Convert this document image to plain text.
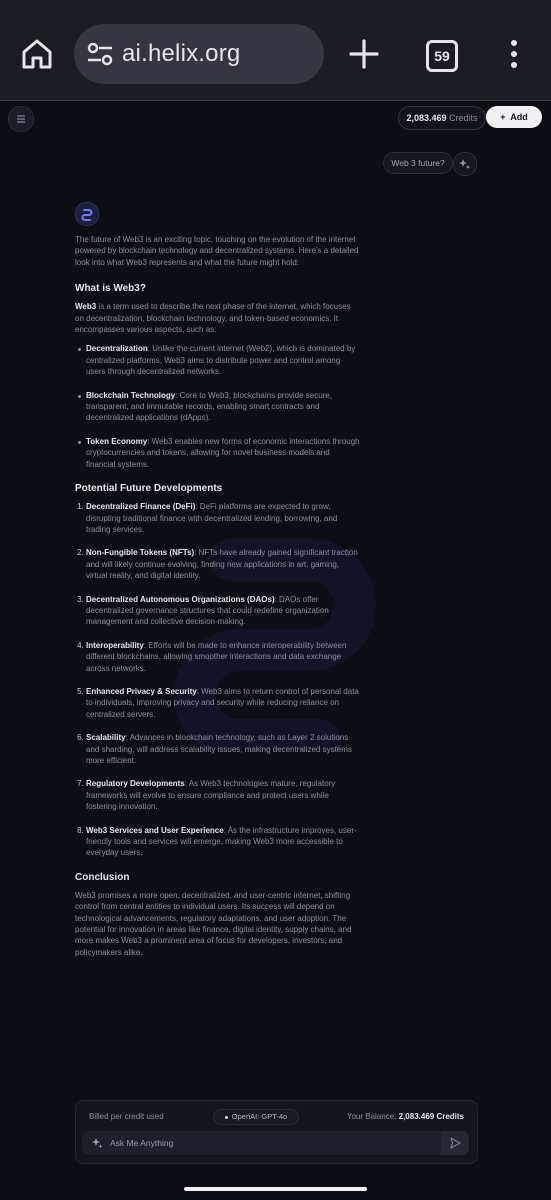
ai.helix.org	59
2,083.469 Credits	+ Add
Web 3 future?

The future of Web3 is an exciting topic, touching on the evolution of the internet powered by blockchain technology and decentralized systems. Here's a detailed look into what Web3 represents and what the future might hold:

What is Web3?

Web3 is a term used to describe the next phase of the internet, which focuses on decentralization, blockchain technology, and token-based economics. It encompasses various aspects, such as:

Decentralization: Unlike the current internet (Web2), which is dominated by centralized platforms, Web3 aims to distribute power and control among users through decentralized networks.
Blockchain Technology: Core to Web3, blockchains provide secure, transparent, and immutable records, enabling smart contracts and decentralized applications (dApps).
Token Economy: Web3 enables new forms of economic interactions through cryptocurrencies and tokens, allowing for novel business models and financial systems.
Potential Future Developments
1. Decentralized Finance (DeFi): DeFi platforms are expected to grow, disrupting traditional finance with decentralized lending, borrowing, and trading services.
2. Non-Fungible Tokens (NFTs): NFTs have already gained significant traction and will likely continue evolving, finding new applications in art, gaming, virtual reality, and digital identity.
3. Decentralized Autonomous Organizations (DAOs): DAOs offer decentralized governance structures that could redefine organization management and collective decision-making.
4. Interoperability: Efforts will be made to enhance interoperability between different blockchains, allowing smoother interactions and data exchange across networks.
5. Enhanced Privacy & Security: Web3 aims to return control of personal data to individuals, improving privacy and security while reducing reliance on centralized servers.
6. Scalability: Advances in blockchain technology, such as Layer 2 solutions and sharding, will address scalability issues, making decentralized systems more efficient.
7. Regulatory Developments: As Web3 technologies mature, regulatory frameworks will evolve to ensure compliance and protect users while fostering innovation.
8. Web3 Services and User Experience: As the infrastructure improves, user-friendly tools and services will emerge, making Web3 more accessible to everyday users.
Conclusion

Web3 promises a more open, decentralized, and user-centric internet, shifting control from central entities to individual users. Its success will depend on technological advancements, regulatory adaptations, and user adoption. The potential for innovation in areas like finance, digital identity, supply chains, and more makes Web3 a prominent area of focus for developers, investors, and policymakers alike.

Billed per credit used	OpenAI: GPT-4o	Your Balance: 2,083.469 Credits
Ask Me Anything
